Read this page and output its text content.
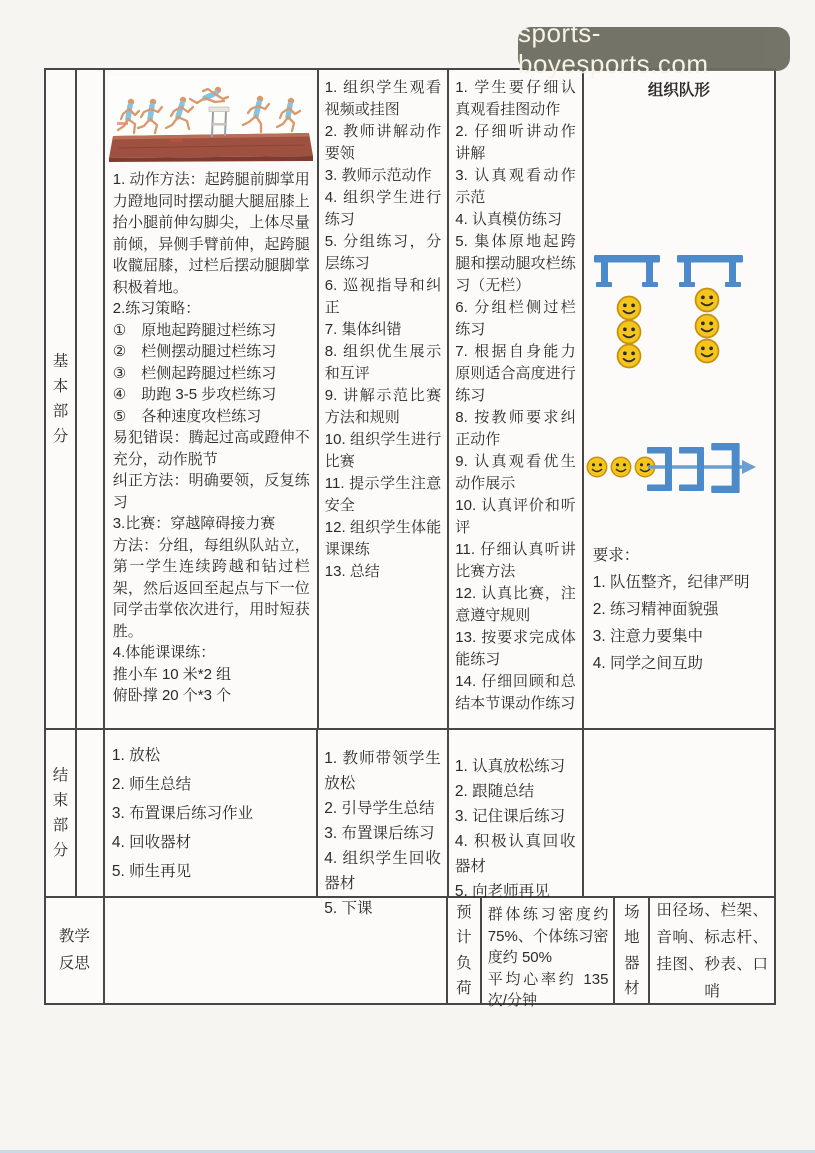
sports-boyesports.com
基本部分

1. 动作方法：起跨腿前脚掌用力蹬地同时摆动腿大腿屈膝上抬小腿前伸勾脚尖，上体尽量前倾，异侧手臂前伸，起跨腿收髋屈膝，过栏后摆动腿脚掌积极着地。

2.练习策略：

①　原地起跨腿过栏练习

②　栏侧摆动腿过栏练习

③　栏侧起跨腿过栏练习

④　助跑 3-5 步攻栏练习

⑤　各种速度攻栏练习

易犯错误：腾起过高或蹬伸不充分，动作脱节

纠正方法：明确要领，反复练习

3.比赛：穿越障碍接力赛

方法：分组，每组纵队站立，第一学生连续跨越和钻过栏架，然后返回至起点与下一位同学击掌依次进行，用时短获胜。

4.体能课课练：

推小车 10 米*2 组

俯卧撑 20 个*3 个

1. 组织学生观看视频或挂图
2. 教师讲解动作要领
3. 教师示范动作
4. 组织学生进行练习
5. 分组练习，分层练习
6. 巡视指导和纠正
7. 集体纠错
8. 组织优生展示和互评
9. 讲解示范比赛方法和规则
10. 组织学生进行比赛
11. 提示学生注意安全
12. 组织学生体能课课练
13. 总结
1. 学生要仔细认真观看挂图动作
2. 仔细听讲动作讲解
3. 认真观看动作示范
4. 认真模仿练习
5. 集体原地起跨腿和摆动腿攻栏练习（无栏）
6. 分组栏侧过栏练习
7. 根据自身能力原则适合高度进行练习
8. 按教师要求纠正动作
9. 认真观看优生动作展示
10. 认真评价和听评
11. 仔细认真听讲比赛方法
12. 认真比赛，注意遵守规则
13. 按要求完成体能练习
14. 仔细回顾和总结本节课动作练习
组织队形

要求：

1. 队伍整齐，纪律严明
2. 练习精神面貌强
3. 注意力要集中
4. 同学之间互助
结束部分
1. 放松
2. 师生总结
3. 布置课后练习作业
4. 回收器材
5. 师生再见
1. 教师带领学生放松
2. 引导学生总结
3. 布置课后练习
4. 组织学生回收器材
5. 下课
1. 认真放松练习
2. 跟随总结
3. 记住课后练习
4. 积极认真回收器材
5. 向老师再见
教学反思
预计负荷

群体练习密度约75%、个体练习密度约 50%

平均心率约 135 次/分钟

场地器材
田径场、栏架、音响、标志杆、挂图、秒表、口哨
